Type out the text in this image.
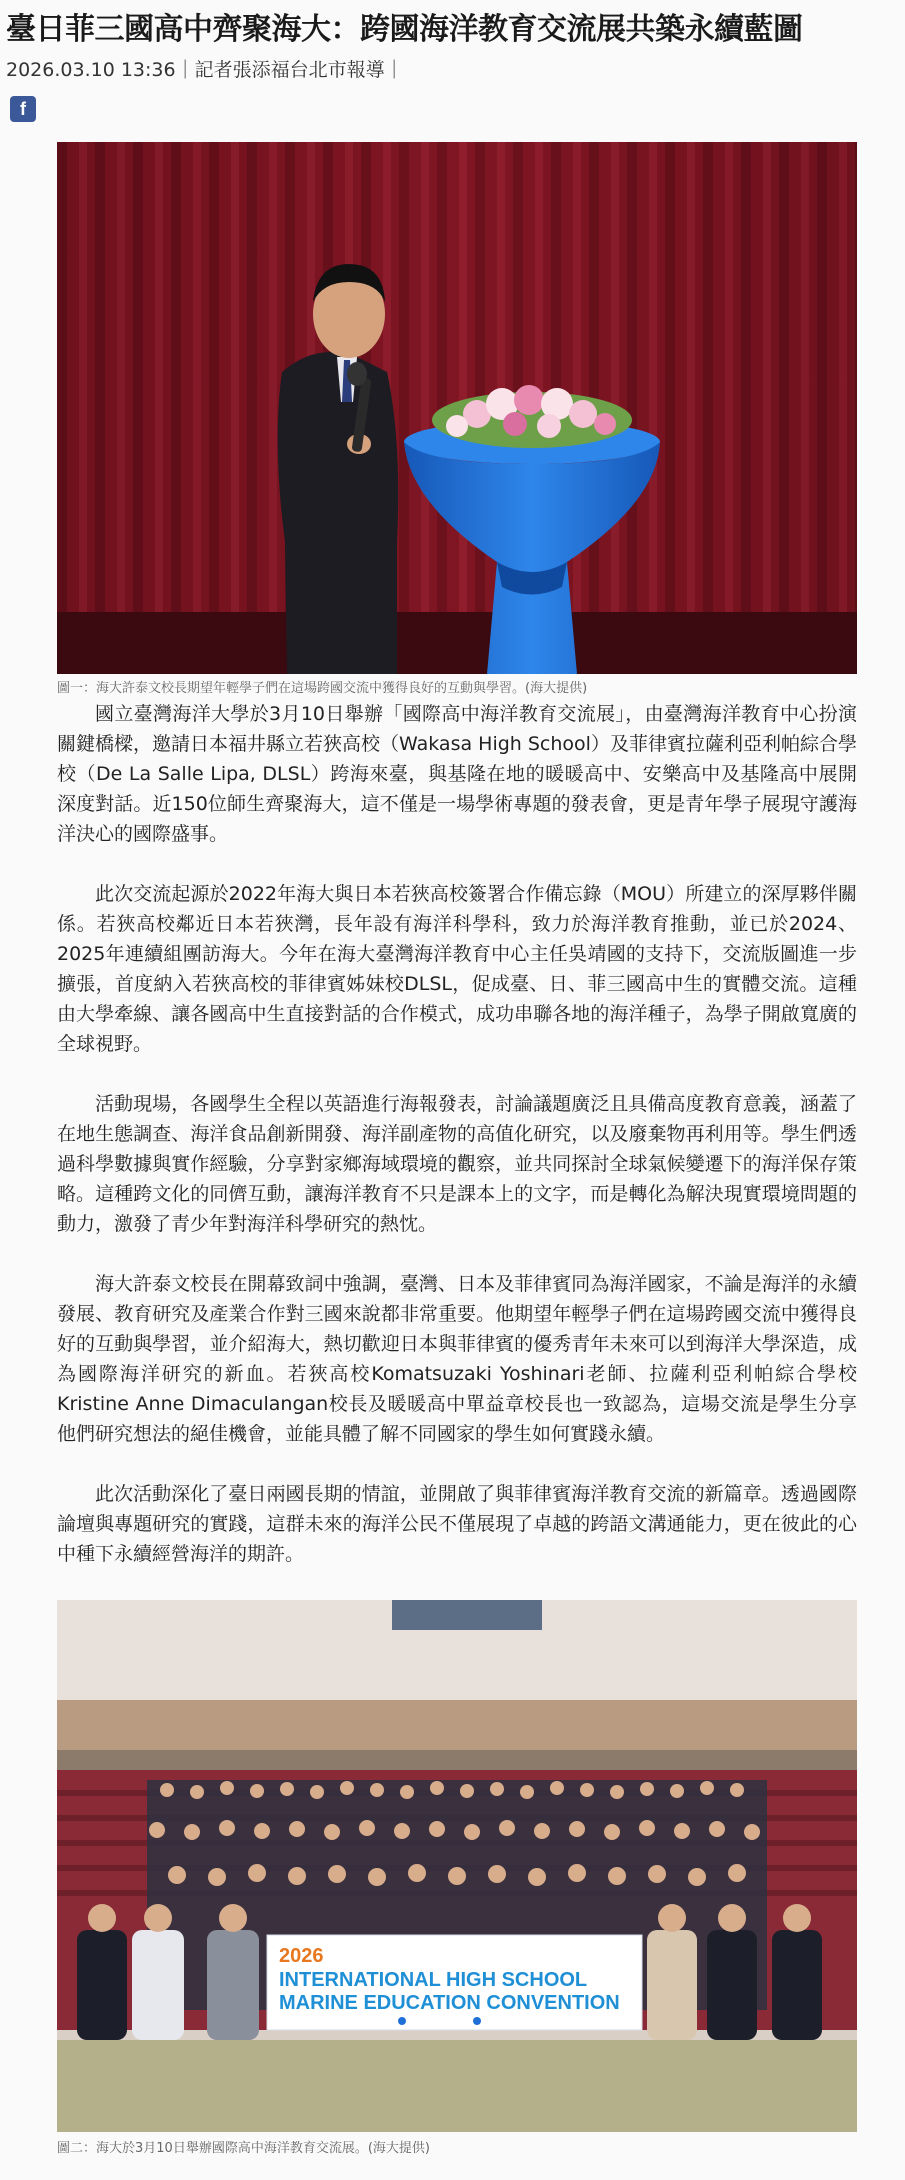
臺日菲三國高中齊聚海大：跨國海洋教育交流展共築永續藍圖
2026.03.10 13:36｜記者張添福台北市報導｜
f
圖一：海大許泰文校長期望年輕學子們在這場跨國交流中獲得良好的互動與學習。(海大提供)

國立臺灣海洋大學於3月10日舉辦「國際高中海洋教育交流展」，由臺灣海洋教育中心扮演關鍵橋樑，邀請日本福井縣立若狹高校（Wakasa High School）及菲律賓拉薩利亞利帕綜合學校（De La Salle Lipa, DLSL）跨海來臺，與基隆在地的暖暖高中、安樂高中及基隆高中展開深度對話。近150位師生齊聚海大，這不僅是一場學術專題的發表會，更是青年學子展現守護海洋決心的國際盛事。

此次交流起源於2022年海大與日本若狹高校簽署合作備忘錄（MOU）所建立的深厚夥伴關係。若狹高校鄰近日本若狹灣，長年設有海洋科學科，致力於海洋教育推動，並已於2024、2025年連續組團訪海大。今年在海大臺灣海洋教育中心主任吳靖國的支持下，交流版圖進一步擴張，首度納入若狹高校的菲律賓姊妹校DLSL，促成臺、日、菲三國高中生的實體交流。這種由大學牽線、讓各國高中生直接對話的合作模式，成功串聯各地的海洋種子，為學子開啟寬廣的全球視野。

活動現場，各國學生全程以英語進行海報發表，討論議題廣泛且具備高度教育意義，涵蓋了在地生態調查、海洋食品創新開發、海洋副產物的高值化研究，以及廢棄物再利用等。學生們透過科學數據與實作經驗，分享對家鄉海域環境的觀察，並共同探討全球氣候變遷下的海洋保存策略。這種跨文化的同儕互動，讓海洋教育不只是課本上的文字，而是轉化為解決現實環境問題的動力，激發了青少年對海洋科學研究的熱忱。

海大許泰文校長在開幕致詞中強調，臺灣、日本及菲律賓同為海洋國家，不論是海洋的永續發展、教育研究及產業合作對三國來說都非常重要。他期望年輕學子們在這場跨國交流中獲得良好的互動與學習，並介紹海大，熱切歡迎日本與菲律賓的優秀青年未來可以到海洋大學深造，成為國際海洋研究的新血。若狹高校Komatsuzaki Yoshinari老師、拉薩利亞利帕綜合學校Kristine Anne Dimaculangan校長及暖暖高中單益章校長也一致認為，這場交流是學生分享他們研究想法的絕佳機會，並能具體了解不同國家的學生如何實踐永續。

此次活動深化了臺日兩國長期的情誼，並開啟了與菲律賓海洋教育交流的新篇章。透過國際論壇與專題研究的實踐，這群未來的海洋公民不僅展現了卓越的跨語文溝通能力，更在彼此的心中種下永續經營海洋的期許。

2026
INTERNATIONAL HIGH SCHOOL
MARINE EDUCATION CONVENTION
圖二：海大於3月10日舉辦國際高中海洋教育交流展。(海大提供)
